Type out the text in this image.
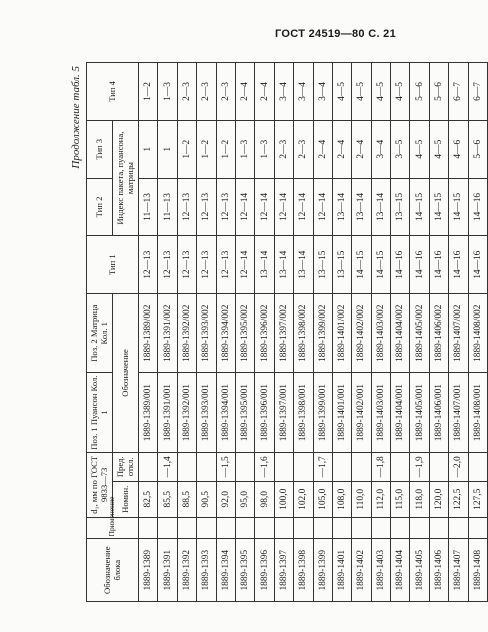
ГОСТ 24519—80 С. 21
Продолжение табл. 5
Обозначение блока	Применение	d₁, мм по ГОСТ 9833—73		Поз. 1 Пуансон Кол. 1	Поз. 2 Матрица Кол. 1	Тип 1	Тип 2	Тип 3	Тип 4
		Номин.	Пред. откл.	Обозначение			Индекс пакета, пуансона, матрицы		
1889-1389		82,5		1889-1389/001	1889-1389/002	12—13	11—13	1	1—2
1889-1391		85,5	—1,4	1889-1391/001	1889-1391/002	12—13	11—13	1	1—3
1889-1392		88,5		1889-1392/001	1889-1392/002	12—13	12—13	1—2	2—3
1889-1393		90,5		1889-1393/001	1889-1393/002	12—13	12—13	1—2	2—3
1889-1394		92,0	—1,5	1889-1394/001	1889-1394/002	12—13	12—13	1—2	2—3
1889-1395		95,0		1889-1395/001	1889-1395/002	12—14	12—14	1—3	2—4
1889-1396		98,0	—1,6	1889-1396/001	1889-1396/002	13—14	12—14	1—3	2—4
1889-1397		100,0		1889-1397/001	1889-1397/002	13—14	12—14	2—3	3—4
1889-1398		102,0		1889-1398/001	1889-1398/002	13—14	12—14	2—3	3—4
1889-1399		105,0	—1,7	1889-1399/001	1889-1399/002	13—15	12—14	2—4	3—4
1889-1401		108,0		1889-1401/001	1889-1401/002	13—15	13—14	2—4	4—5
1889-1402		110,0		1889-1402/001	1889-1402/002	14—15	13—14	2—4	4—5
1889-1403		112,0	—1,8	1889-1403/001	1889-1403/002	14—15	13—14	3—4	4—5
1889-1404		115,0		1889-1404/001	1889-1404/002	14—16	13—15	3—5	4—5
1889-1405		118,0	—1,9	1889-1405/001	1889-1405/002	14—16	14—15	4—5	5—6
1889-1406		120,0		1889-1406/001	1889-1406/002	14—16	14—15	4—5	5—6
1889-1407		122,5	—2,0	1889-1407/001	1889-1407/002	14—16	14—15	4—6	6—7
1889-1408		127,5		1889-1408/001	1889-1408/002	14—16	14—16	5—6	6—7
